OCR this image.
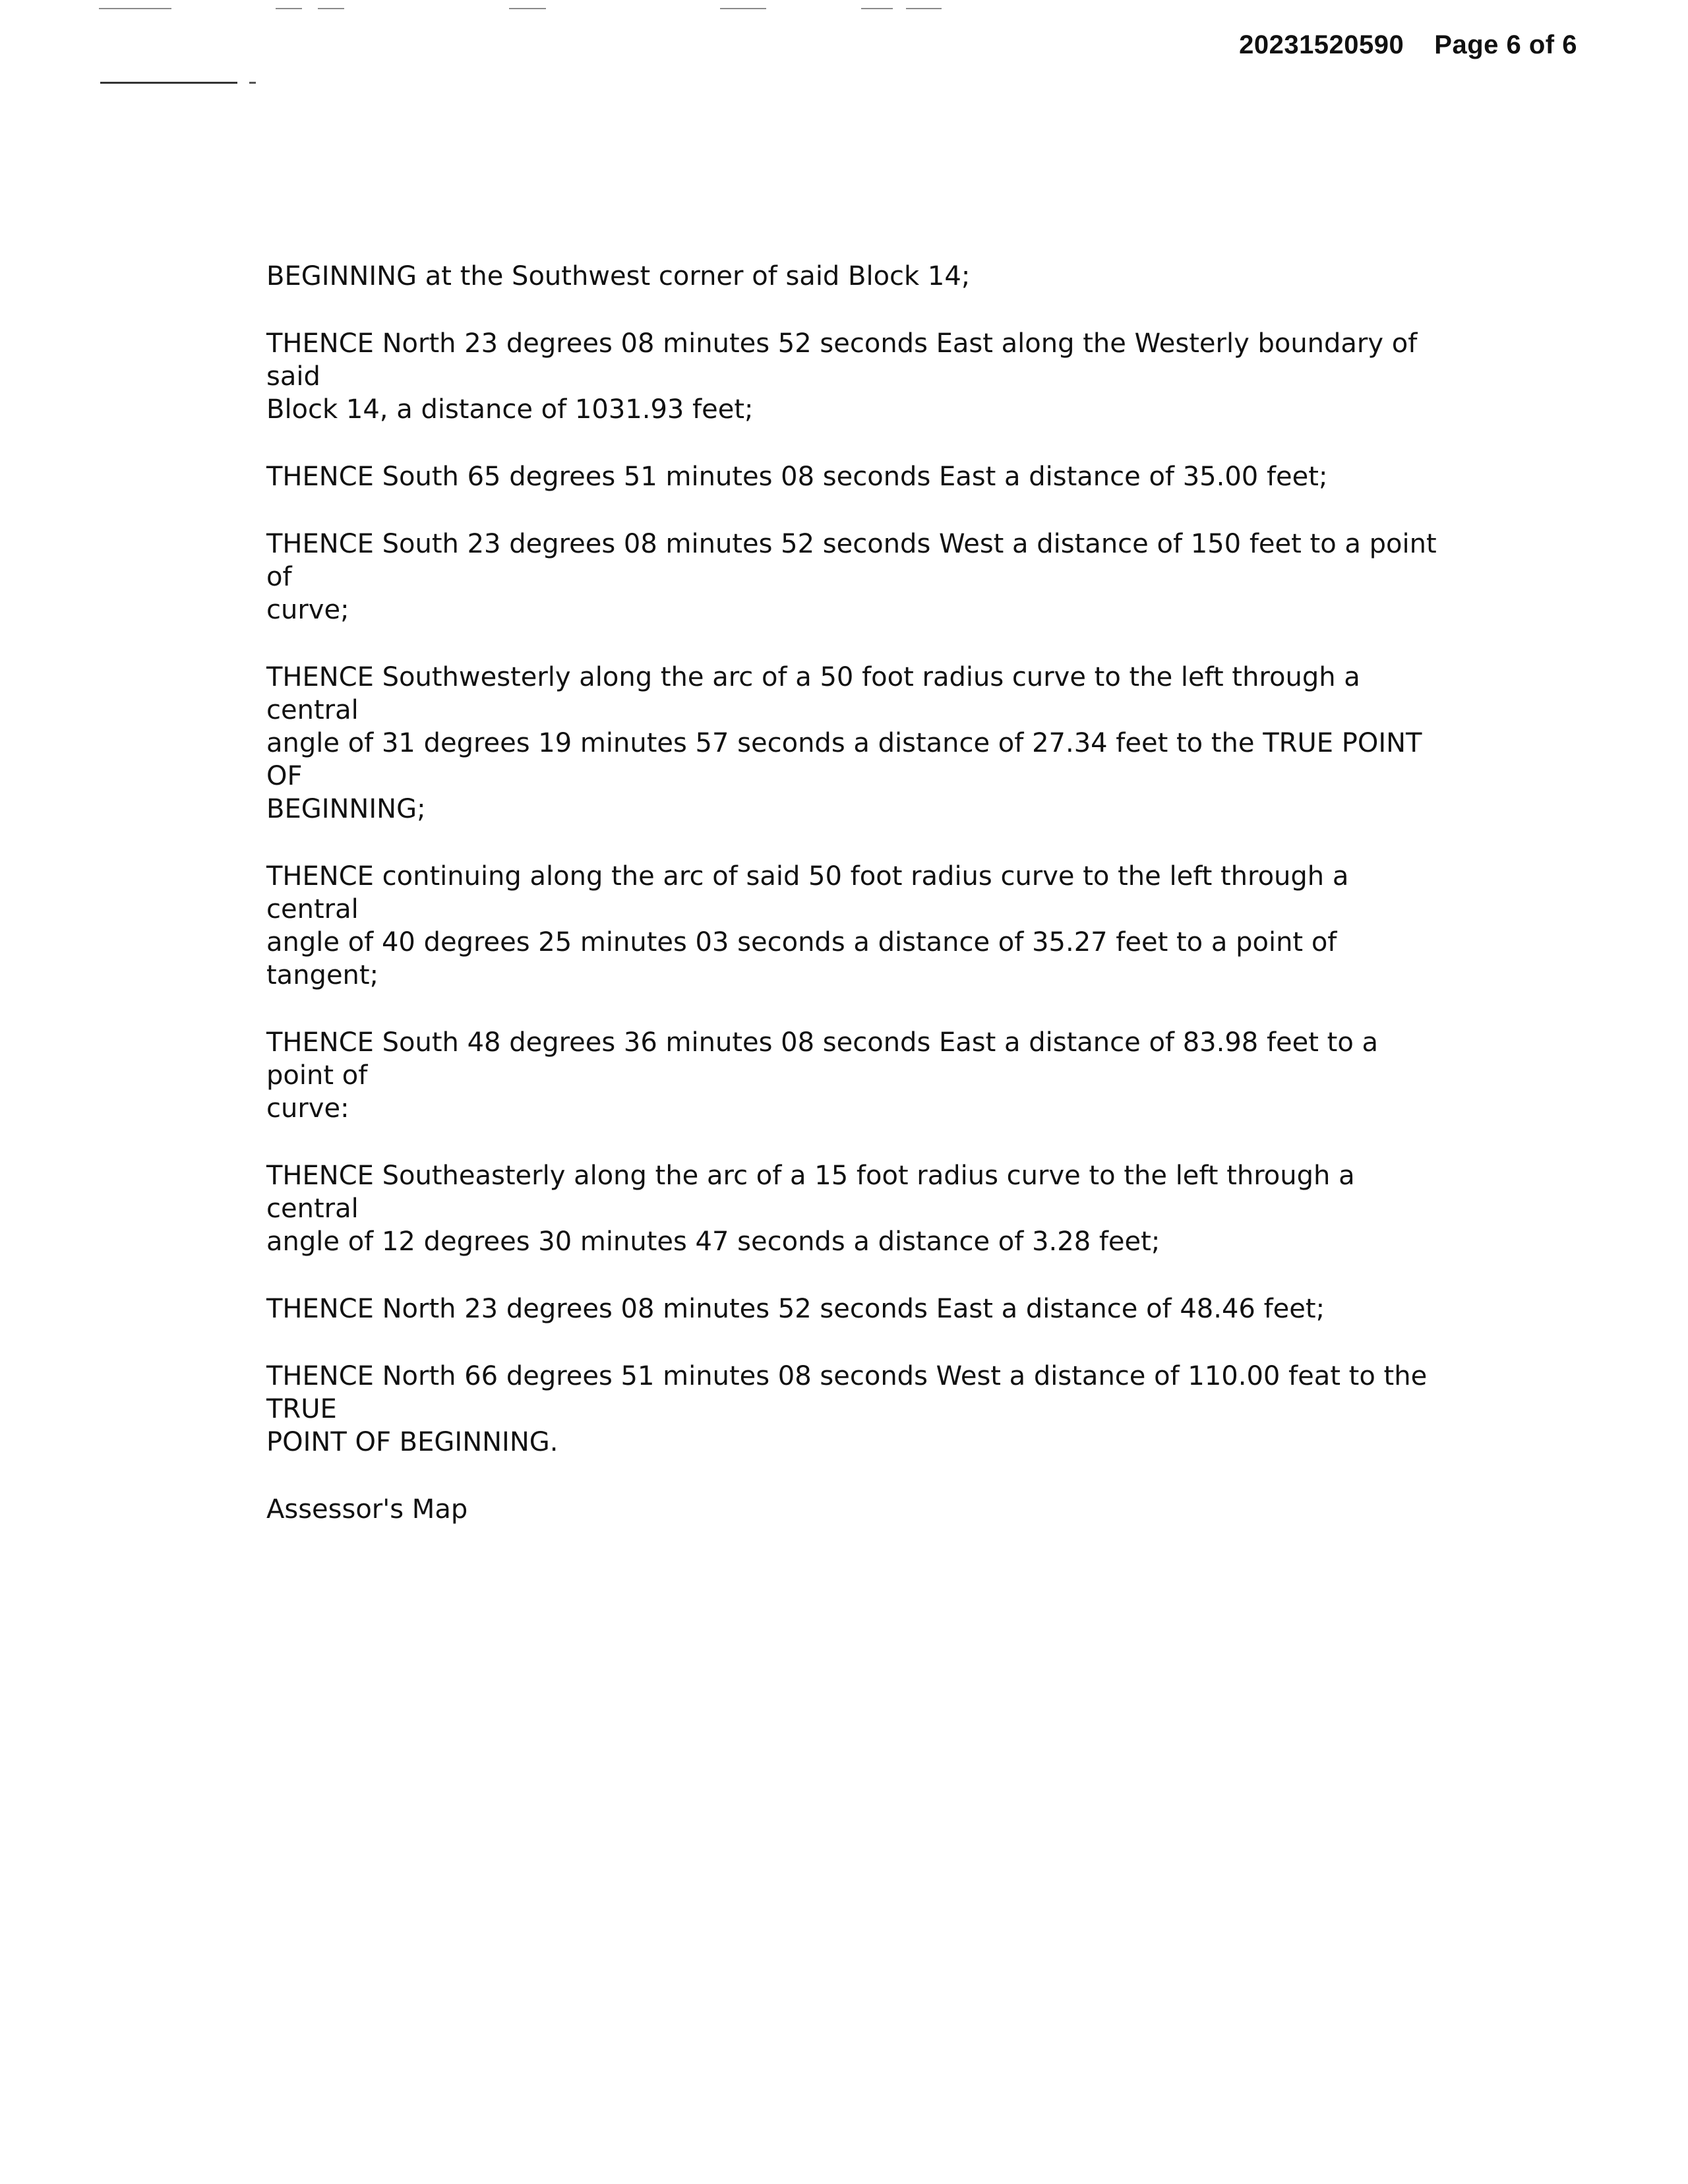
20231520590 Page 6 of 6

BEGINNING at the Southwest corner of said Block 14;

THENCE North 23 degrees 08 minutes 52 seconds East along the Westerly boundary of said
Block 14, a distance of 1031.93 feet;

THENCE South 65 degrees 51 minutes 08 seconds East a distance of 35.00 feet;

THENCE South 23 degrees 08 minutes 52 seconds West a distance of 150 feet to a point of
curve;

THENCE Southwesterly along the arc of a 50 foot radius curve to the left through a central
angle of 31 degrees 19 minutes 57 seconds a distance of 27.34 feet to the TRUE POINT OF
BEGINNING;

THENCE continuing along the arc of said 50 foot radius curve to the left through a central
angle of 40 degrees 25 minutes 03 seconds a distance of 35.27 feet to a point of tangent;

THENCE South 48 degrees 36 minutes 08 seconds East a distance of 83.98 feet to a point of
curve:

THENCE Southeasterly along the arc of a 15 foot radius curve to the left through a central
angle of 12 degrees 30 minutes 47 seconds a distance of 3.28 feet;

THENCE North 23 degrees 08 minutes 52 seconds East a distance of 48.46 feet;

THENCE North 66 degrees 51 minutes 08 seconds West a distance of 110.00 feat to the TRUE
POINT OF BEGINNING.

Assessor's Map
